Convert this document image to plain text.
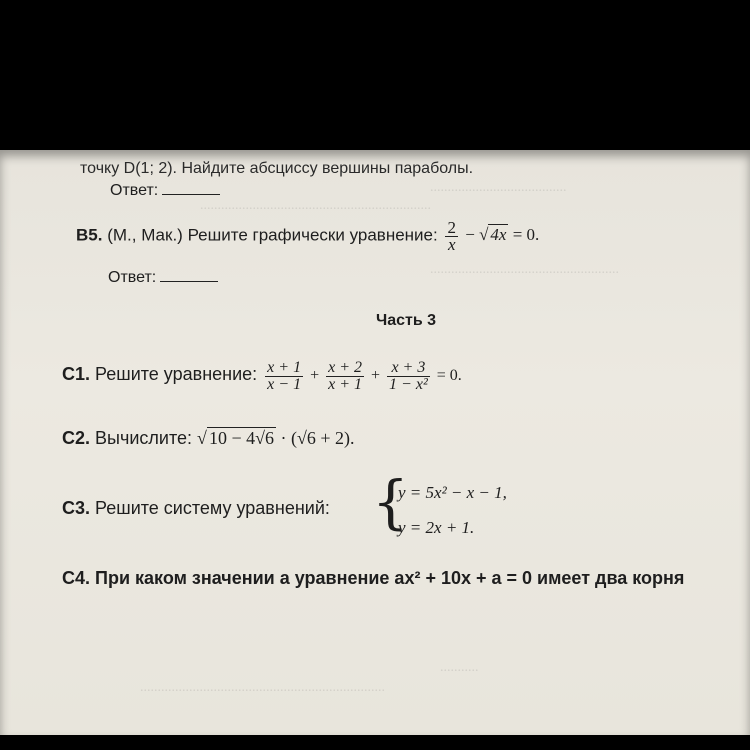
.......................................
..................................................................
......................................................
...........
......................................................................
точку D(1; 2). Найдите абсциссу вершины параболы.
Ответ:
B5. (М., Мак.) Решите графически уравнение: $\frac{2}{x}$ − √ 4x = 0.
Ответ:
Часть 3
C1. Решите уравнение: $\frac{x + 1}{x - 1} + \frac{x + 2}{x + 1} + \frac{x + 3}{\text{1 − x²}} = 0$.
C2. Вычислите: √ 10 − 4√6 · (√6 + 2).
C3. Решите систему уравнений: {
y = 5x² − x − 1,
y = 2x + 1.
C4. При каком значении a уравнение ax² + 10x + a = 0 имеет два корня
